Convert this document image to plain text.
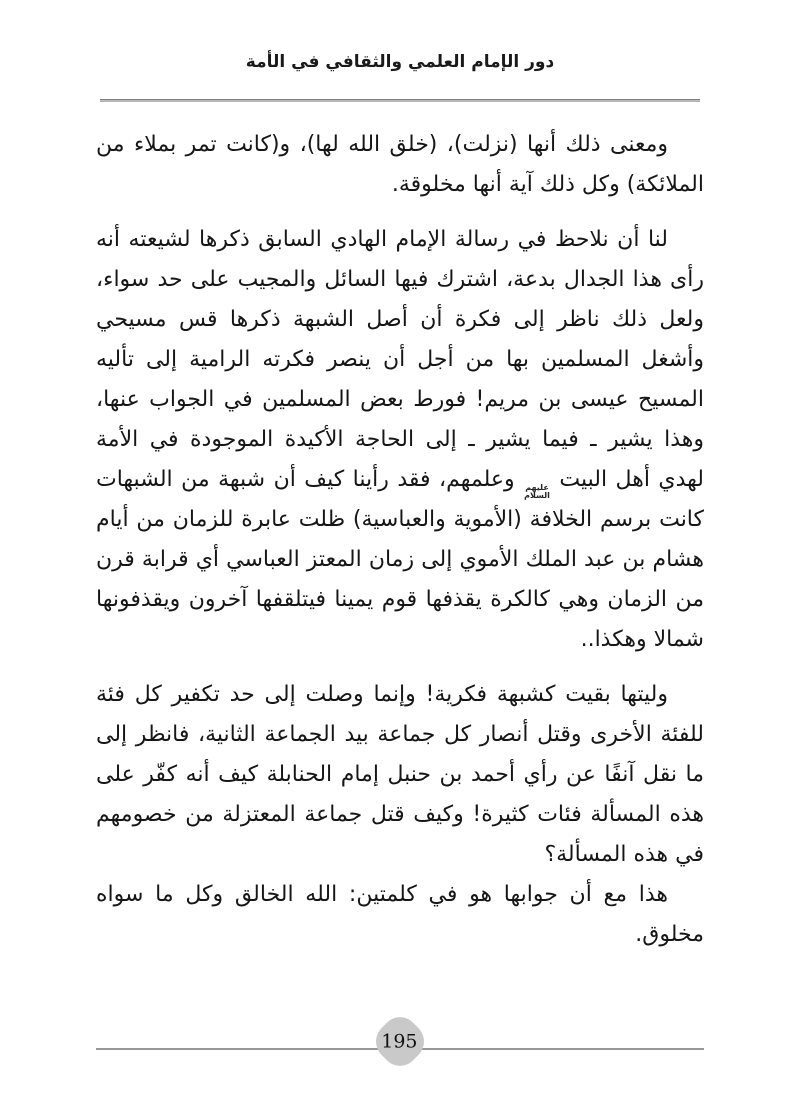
دور الإمام العلمي والثقافي في الأمة

ومعنى ذلك أنها (نزلت)، (خلق الله لها)، و(كانت تمر بملاء من الملائكة) وكل ذلك آية أنها مخلوقة.

لنا أن نلاحظ في رسالة الإمام الهادي السابق ذكرها لشيعته أنه رأى هذا الجدال بدعة، اشترك فيها السائل والمجيب على حد سواء، ولعل ذلك ناظر إلى فكرة أن أصل الشبهة ذكرها قس مسيحي وأشغل المسلمين بها من أجل أن ينصر فكرته الرامية إلى تأليه المسيح عيسى بن مريم! فورط بعض المسلمين في الجواب عنها، وهذا يشير ـ فيما يشير ـ إلى الحاجة الأكيدة الموجودة في الأمة لهدي أهل البيت
عليهم
السلام
وعلمهم، فقد رأينا كيف أن شبهة من الشبهات كانت برسم الخلافة (الأموية والعباسية) ظلت عابرة للزمان من أيام هشام بن عبد الملك الأموي إلى زمان المعتز العباسي أي قرابة قرن من الزمان وهي كالكرة يقذفها قوم يمينا فيتلقفها آخرون ويقذفونها شمالا وهكذا..

وليتها بقيت كشبهة فكرية! وإنما وصلت إلى حد تكفير كل فئة للفئة الأخرى وقتل أنصار كل جماعة بيد الجماعة الثانية، فانظر إلى ما نقل آنفًا عن رأي أحمد بن حنبل إمام الحنابلة كيف أنه كفّر على هذه المسألة فئات كثيرة! وكيف قتل جماعة المعتزلة من خصومهم في هذه المسألة؟

هذا مع أن جوابها هو في كلمتين: الله الخالق وكل ما سواه مخلوق.

195
